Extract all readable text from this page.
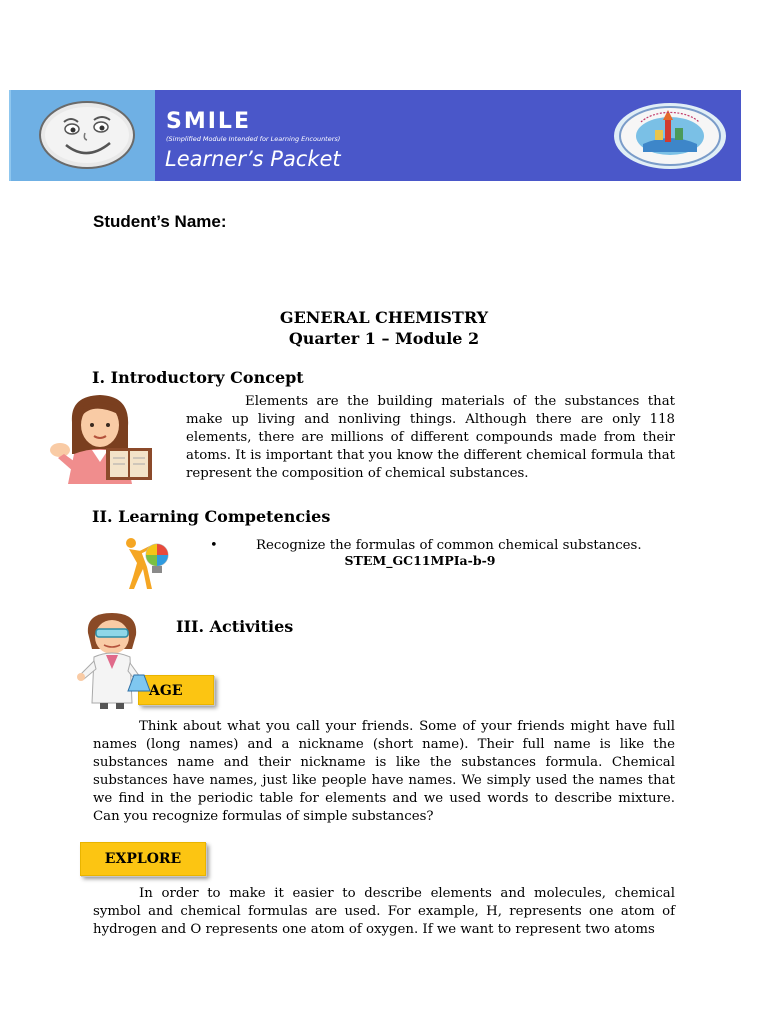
SMILE
(Simplified Module Intended for Learning Encounters)
Learner’s Packet
Student’s Name:
GENERAL CHEMISTRY
Quarter 1 – Module 2
I. Introductory Concept
Elements are the building materials of the substances that make up living and nonliving things. Although there are only 118 elements, there are millions of different compounds made from their atoms. It is important that you know the different chemical formula that represent the composition of chemical substances.
II. Learning Competencies
•	Recognize the formulas of common chemical substances.
STEM_GC11MPIa-b-9
III. Activities
AGE
Think about what you call your friends. Some of your friends might have full names (long names) and a nickname (short name). Their full name is like the substances name and their nickname is like the substances formula. Chemical substances have names, just like people have names. We simply used the names that we find in the periodic table for elements and we used words to describe mixture. Can you recognize formulas of simple substances?
EXPLORE
In order to make it easier to describe elements and molecules, chemical symbol and chemical formulas are used. For example, H, represents one atom of hydrogen and O represents one atom of oxygen. If we want to represent two atoms
